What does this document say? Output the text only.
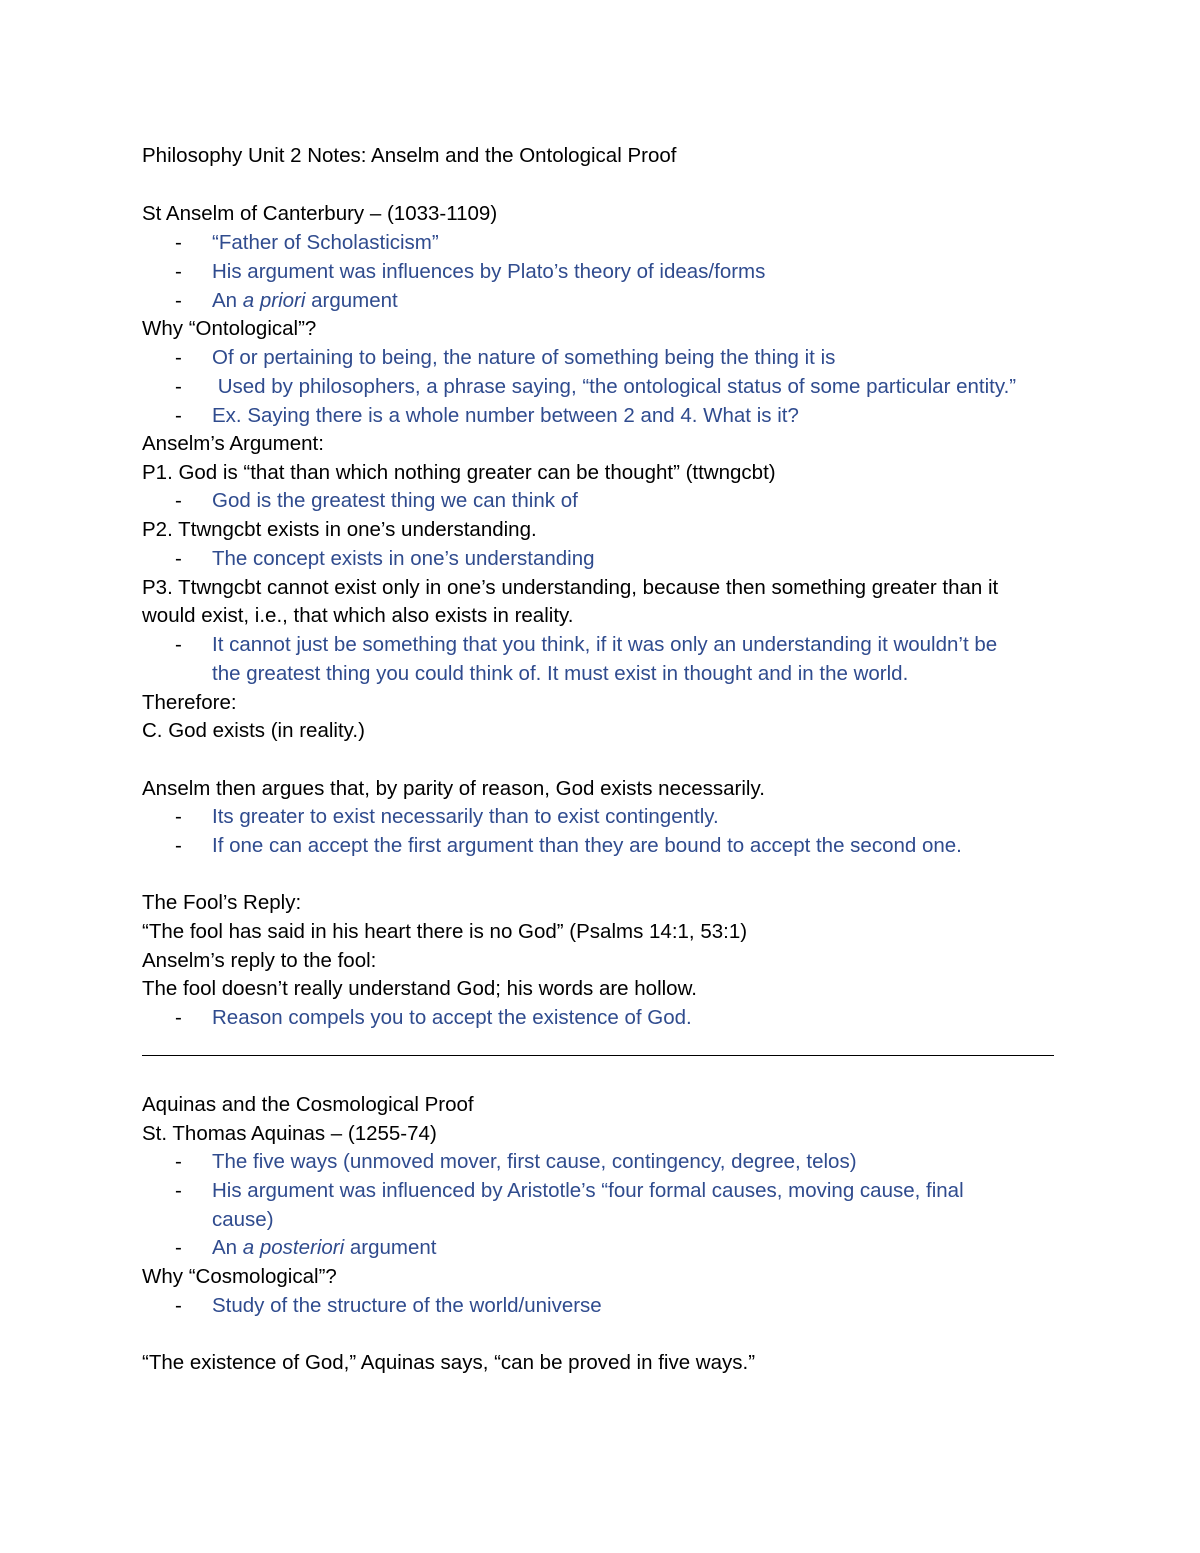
Philosophy Unit 2 Notes: Anselm and the Ontological Proof
St Anselm of Canterbury – (1033-1109)
- “Father of Scholasticism”
- His argument was influences by Plato’s theory of ideas/forms
- An a priori argument
Why “Ontological”?
- Of or pertaining to being, the nature of something being the thing it is
- Used by philosophers, a phrase saying, “the ontological status of some particular entity.”
- Ex. Saying there is a whole number between 2 and 4. What is it?
Anselm’s Argument:
P1. God is “that than which nothing greater can be thought” (ttwngcbt)
- God is the greatest thing we can think of
P2. Ttwngcbt exists in one’s understanding.
- The concept exists in one’s understanding
P3. Ttwngcbt cannot exist only in one’s understanding, because then something greater than it
would exist, i.e., that which also exists in reality.
- It cannot just be something that you think, if it was only an understanding it wouldn’t be
the greatest thing you could think of. It must exist in thought and in the world.
Therefore:
C. God exists (in reality.)
Anselm then argues that, by parity of reason, God exists necessarily.
- Its greater to exist necessarily than to exist contingently.
- If one can accept the first argument than they are bound to accept the second one.
The Fool’s Reply:
“The fool has said in his heart there is no God” (Psalms 14:1, 53:1)
Anselm’s reply to the fool:
The fool doesn’t really understand God; his words are hollow.
- Reason compels you to accept the existence of God.
Aquinas and the Cosmological Proof
St. Thomas Aquinas – (1255-74)
- The five ways (unmoved mover, first cause, contingency, degree, telos)
- His argument was influenced by Aristotle’s “four formal causes, moving cause, final
cause)
- An a posteriori argument
Why “Cosmological”?
- Study of the structure of the world/universe
“The existence of God,” Aquinas says, “can be proved in five ways.”
